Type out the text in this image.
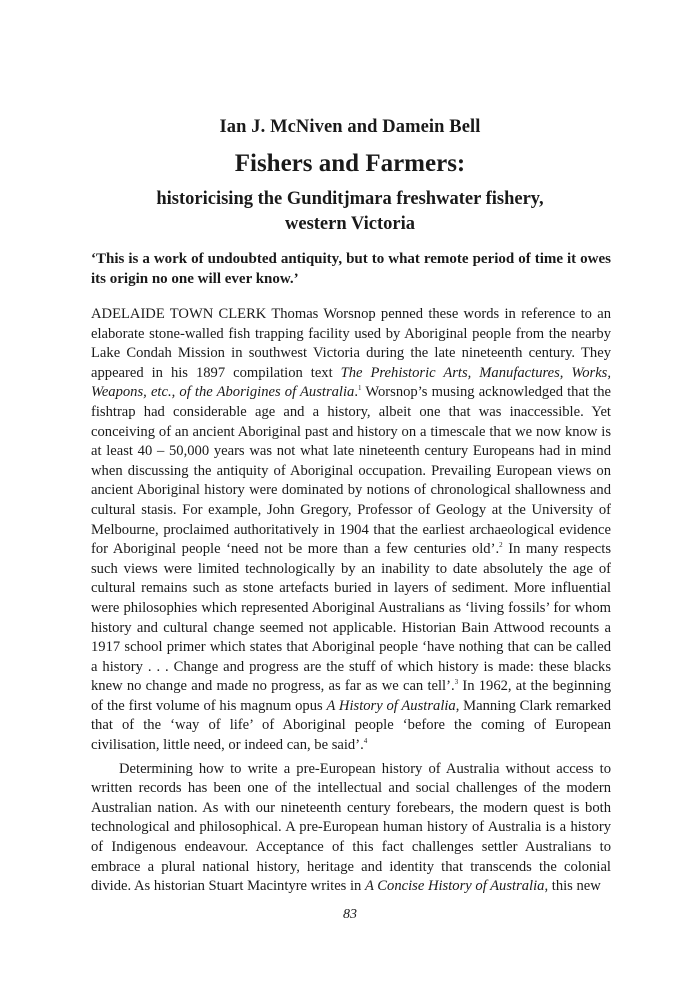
Ian J. McNiven and Damein Bell
Fishers and Farmers:
historicising the Gunditjmara freshwater fishery,
western Victoria
‘This is a work of undoubted antiquity, but to what remote period of time it owes its origin no one will ever know.’

ADELAIDE TOWN CLERK Thomas Worsnop penned these words in reference to an elaborate stone-walled fish trapping facility used by Aboriginal people from the nearby Lake Condah Mission in southwest Victoria during the late nineteenth century. They appeared in his 1897 compilation text The Prehistoric Arts, Manufactures, Works, Weapons, etc., of the Aborigines of Australia.$^1$ Worsnop’s musing acknowledged that the fishtrap had considerable age and a history, albeit one that was inaccessible. Yet conceiving of an ancient Aboriginal past and history on a timescale that we now know is at least 40 – 50,000 years was not what late nineteenth century Europeans had in mind when discussing the antiquity of Aboriginal occupation. Prevailing European views on ancient Aboriginal history were dominated by notions of chronological shallowness and cultural stasis. For example, John Gregory, Professor of Geology at the University of Melbourne, proclaimed authoritatively in 1904 that the earliest archaeological evidence for Aboriginal people ‘need not be more than a few centuries old’.$^2$ In many respects such views were limited technologically by an inability to date absolutely the age of cultural remains such as stone artefacts buried in layers of sediment. More influential were philosophies which represented Aboriginal Australians as ‘living fossils’ for whom history and cultural change seemed not applicable. Historian Bain Attwood recounts a 1917 school primer which states that Aboriginal people ‘have nothing that can be called a history . . . Change and progress are the stuff of which history is made: these blacks knew no change and made no progress, as far as we can tell’.$^3$ In 1962, at the beginning of the first volume of his magnum opus A History of Australia, Manning Clark remarked that of the ‘way of life’ of Aboriginal people ‘before the coming of European civilisation, little need, or indeed can, be said’.$^4$

Determining how to write a pre-European history of Australia without access to written records has been one of the intellectual and social challenges of the modern Australian nation. As with our nineteenth century forebears, the modern quest is both technological and philosophical. A pre-European human history of Australia is a history of Indigenous endeavour. Acceptance of this fact challenges settler Australians to embrace a plural national history, heritage and identity that transcends the colonial divide. As historian Stuart Macintyre writes in A Concise History of Australia, this new

83
